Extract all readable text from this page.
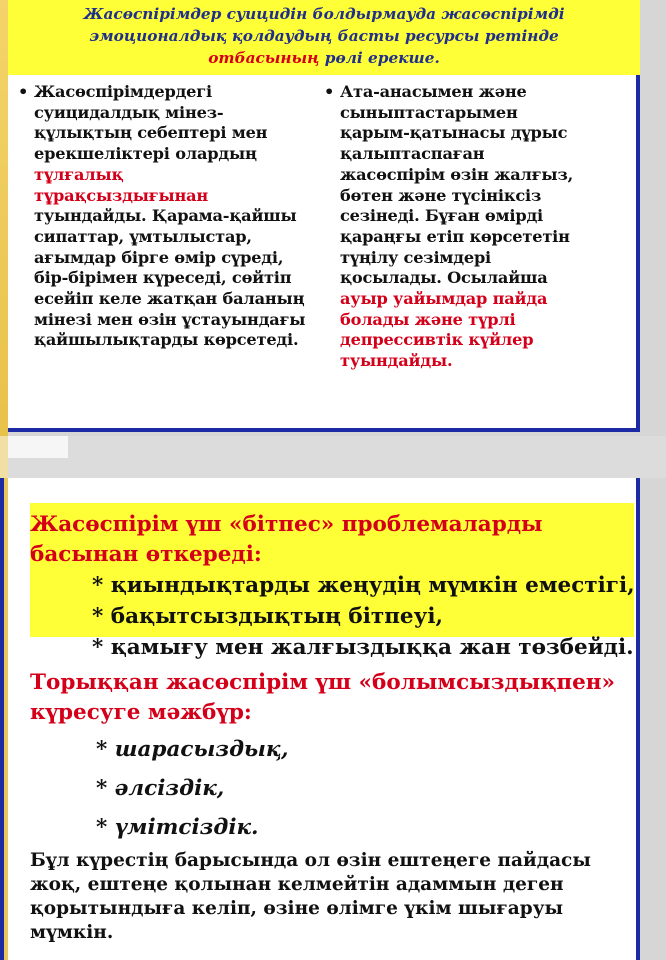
Жасөспірімдер суицидін болдырмауда жасөспірімді
эмоционалдық қолдаудың басты ресурсы ретінде
отбасының рөлі ерекше.
• Жасөспірімдердегі
суицидалдық мінез-
құлықтың себептері мен
ерекшеліктері олардың
тұлғалық
тұрақсыздығынан
туындайды. Қарама-қайшы
сипаттар, ұмтылыстар,
ағымдар бірге өмір сүреді,
бір-бірімен күреседі, сөйтіп
есейіп келе жатқан баланың
мінезі мен өзін ұстауындағы
қайшылықтарды көрсетеді.
• Ата-анасымен және
сыныптастарымен
қарым-қатынасы дұрыс
қалыптаспаған
жасөспірім өзін жалғыз,
бөтен және түсініксіз
сезінеді. Бұған өмірді
қараңғы етіп көрсететін
түңілу сезімдері
қосылады. Осылайша
ауыр уайымдар пайда
болады және түрлі
депрессивтік күйлер
туындайды.
Жасөспірім үш «бітпес» проблемаларды
басынан өткереді:
* қиындықтарды жеңудің мүмкін еместігі,
* бақытсыздықтың бітпеуі,
* қамығу мен жалғыздыққа жан төзбейді.
Торыққан жасөспірім үш «болымсыздықпен»
күресуге мәжбүр:
* шарасыздық,
* әлсіздік,
* үмітсіздік.
Бұл күрестің барысында ол өзін ештеңеге пайдасы жоқ, ештеңе қолынан келмейтін адаммын деген қорытындыға келіп, өзіне өлімге үкім шығаруы мүмкін.
